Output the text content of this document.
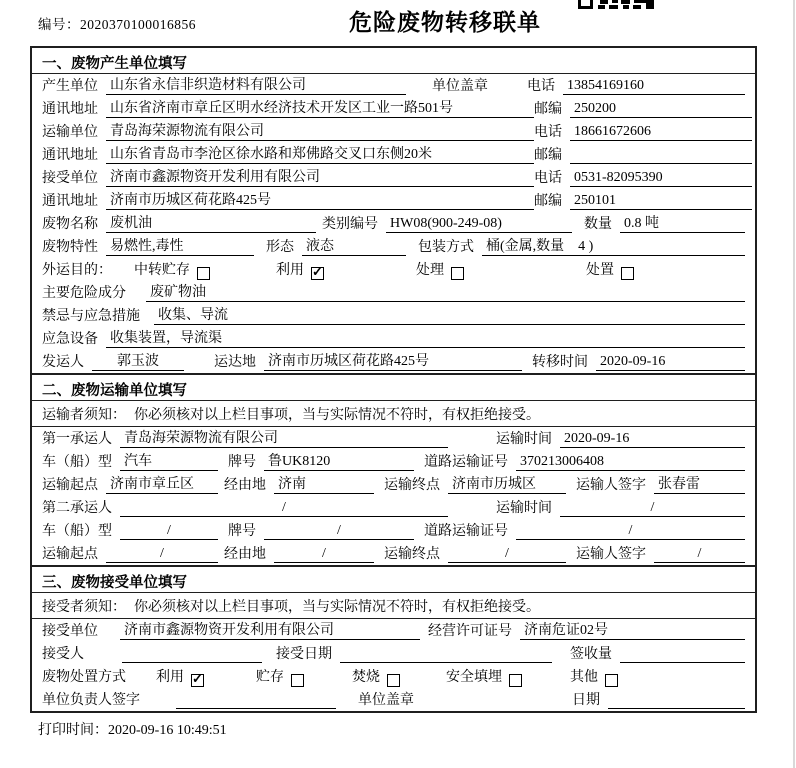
编号：2020370100016856	危险废物转移联单
一、废物产生单位填写
产生单位 山东省永信非织造材料有限公司	单位盖章	电话 13854169160
通讯地址 山东省济南市章丘区明水经济技术开发区工业一路501号	邮编 250200
运输单位 青岛海荣源物流有限公司	电话 18661672606
通讯地址 山东省青岛市李沧区徐水路和郑佛路交叉口东侧20米	邮编
接受单位 济南市鑫源物资开发利用有限公司	电话 0531-82095390
通讯地址 济南市历城区荷花路425号	邮编 250101
废物名称 废机油	类别编号 HW08(900-249-08)	数量 0.8 吨
废物特性 易燃性,毒性	形态 液态	包装方式 桶(金属,数量　4 )
外运目的： 中转贮存	利用 ✓	处理	处置
主要危险成分 废矿物油
禁忌与应急措施 收集、导流
应急设备 收集装置，导流渠
发运人	郭玉波	运达地 济南市历城区荷花路425号	转移时间 2020-09-16
二、废物运输单位填写
运输者须知： 你必须核对以上栏目事项，当与实际情况不符时，有权拒绝接受。
第一承运人 青岛海荣源物流有限公司	运输时间 2020-09-16
车（船）型 汽车	牌号 鲁UK8120	道路运输证号 370213006408
运输起点 济南市章丘区	经由地 济南	运输终点 济南市历城区	运输人签字 张春雷
第二承运人	/	运输时间	/
车（船）型	/	牌号	/	道路运输证号	/
运输起点	/	经由地	/	运输终点	/	运输人签字	/
三、废物接受单位填写
接受者须知： 你必须核对以上栏目事项，当与实际情况不符时，有权拒绝接受。
接受单位 济南市鑫源物资开发利用有限公司	经营许可证号 济南危证02号
接受人	接受日期	签收量
废物处置方式 利用 ✓	贮存	焚烧	安全填埋	其他
单位负责人签字	单位盖章	日期
打印时间：2020-09-16 10:49:51
